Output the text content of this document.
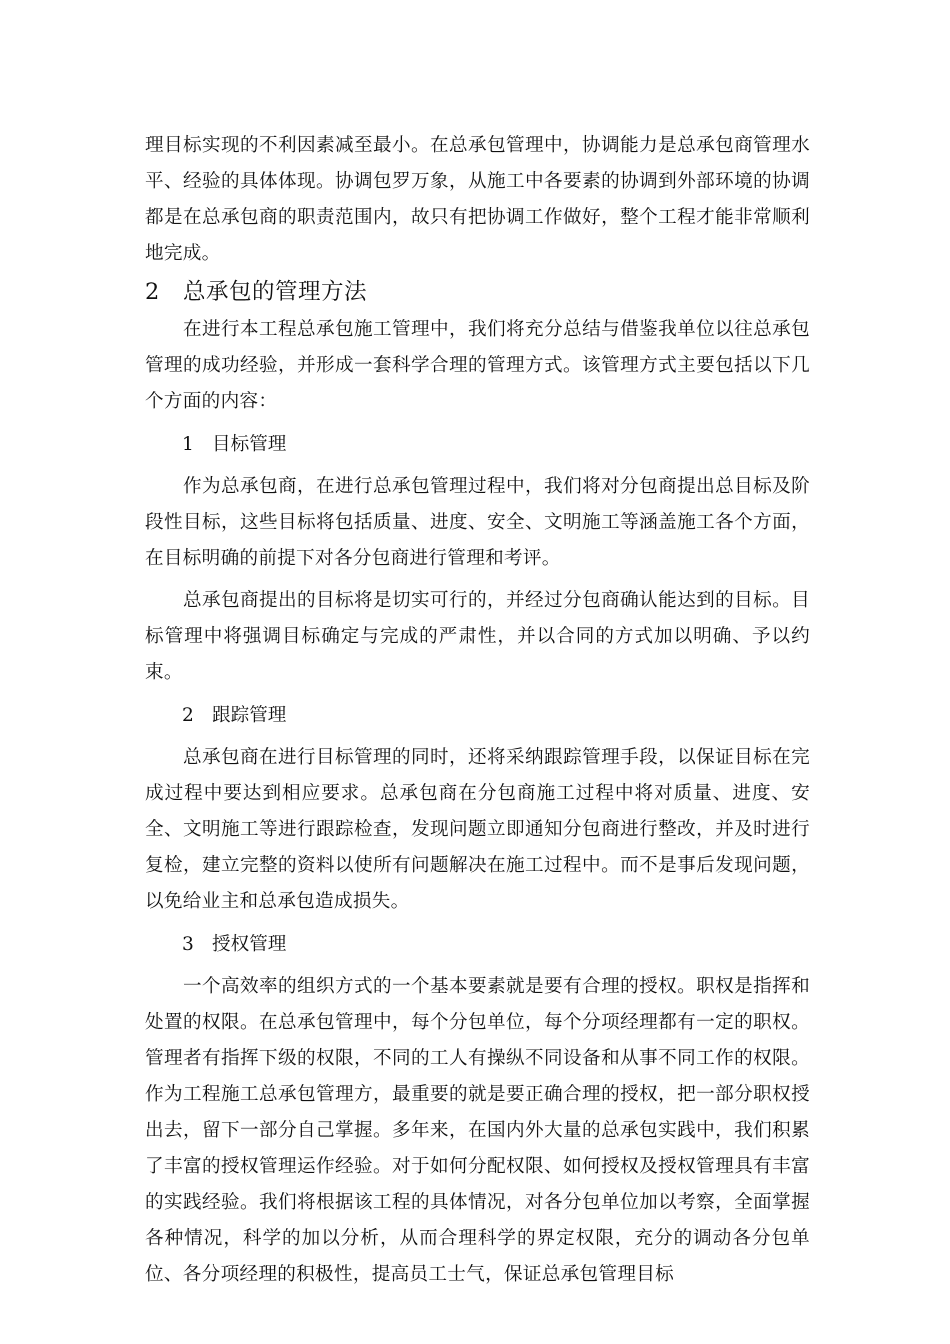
理目标实现的不利因素减至最小。在总承包管理中，协调能力是总承包商管理水平、经验的具体体现。协调包罗万象，从施工中各要素的协调到外部环境的协调都是在总承包商的职责范围内，故只有把协调工作做好，整个工程才能非常顺利地完成。

2 总承包的管理方法

在进行本工程总承包施工管理中，我们将充分总结与借鉴我单位以往总承包管理的成功经验，并形成一套科学合理的管理方式。该管理方式主要包括以下几个方面的内容：

1 目标管理

作为总承包商，在进行总承包管理过程中，我们将对分包商提出总目标及阶段性目标，这些目标将包括质量、进度、安全、文明施工等涵盖施工各个方面，在目标明确的前提下对各分包商进行管理和考评。

总承包商提出的目标将是切实可行的，并经过分包商确认能达到的目标。目标管理中将强调目标确定与完成的严肃性，并以合同的方式加以明确、予以约束。

2 跟踪管理

总承包商在进行目标管理的同时，还将采纳跟踪管理手段，以保证目标在完成过程中要达到相应要求。总承包商在分包商施工过程中将对质量、进度、安全、文明施工等进行跟踪检查，发现问题立即通知分包商进行整改，并及时进行复检，建立完整的资料以使所有问题解决在施工过程中。而不是事后发现问题，以免给业主和总承包造成损失。

3 授权管理

一个高效率的组织方式的一个基本要素就是要有合理的授权。职权是指挥和处置的权限。在总承包管理中，每个分包单位，每个分项经理都有一定的职权。管理者有指挥下级的权限，不同的工人有操纵不同设备和从事不同工作的权限。作为工程施工总承包管理方，最重要的就是要正确合理的授权，把一部分职权授出去，留下一部分自己掌握。多年来，在国内外大量的总承包实践中，我们积累了丰富的授权管理运作经验。对于如何分配权限、如何授权及授权管理具有丰富的实践经验。我们将根据该工程的具体情况，对各分包单位加以考察，全面掌握各种情况，科学的加以分析，从而合理科学的界定权限，充分的调动各分包单位、各分项经理的积极性，提高员工士气，保证总承包管理目标
